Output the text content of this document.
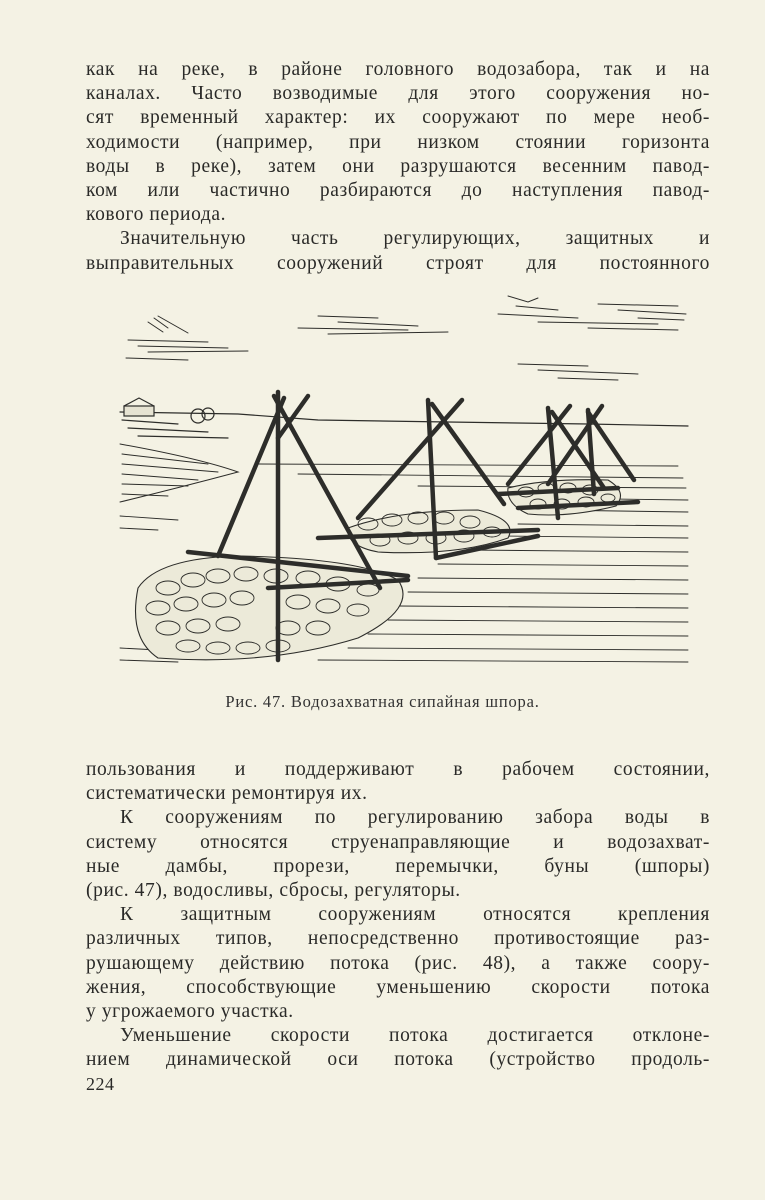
как на реке, в районе головного водозабора, так и на
каналах. Часто возводимые для этого сооружения но-
сят временный характер: их сооружают по мере необ-
ходимости (например, при низком стоянии горизонта
воды в реке), затем они разрушаются весенним павод-
ком или частично разбираются до наступления павод-
кового периода.
Значительную часть регулирующих, защитных и
выправительных сооружений строят для постоянного
Рис. 47. Водозахватная сипайная шпора.
пользования и поддерживают в рабочем состоянии,
систематически ремонтируя их.
К сооружениям по регулированию забора воды в
систему относятся струенаправляющие и водозахват-
ные дамбы, прорези, перемычки, буны (шпоры)
(рис. 47), водосливы, сбросы, регуляторы.
К защитным сооружениям относятся крепления
различных типов, непосредственно противостоящие раз-
рушающему действию потока (рис. 48), а также соору-
жения, способствующие уменьшению скорости потока
у угрожаемого участка.
Уменьшение скорости потока достигается отклоне-
нием динамической оси потока (устройство продоль-
224
